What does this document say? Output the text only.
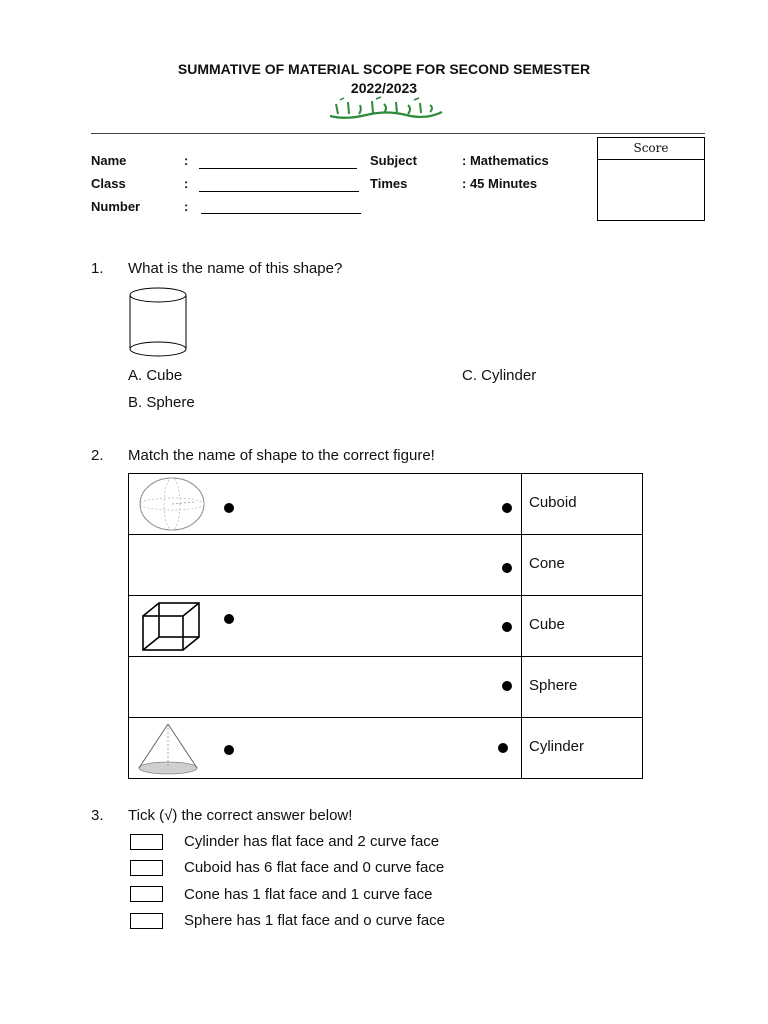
SUMMATIVE OF MATERIAL SCOPE FOR SECOND SEMESTER
2022/2023
Name	:
Class	:
Number	:
Subject	: Mathematics
Times	: 45 Minutes
Score
1. What is the name of this shape?
A. Cube
B. Sphere
C. Cylinder
2. Match the name of shape to the correct figure!

Cuboid

	Cone

Cube

	Sphere

Cylinder
3. Tick (√) the correct answer below!
Cylinder has flat face and 2 curve face
Cuboid has 6 flat face and 0 curve face
Cone has 1 flat face and 1 curve face
Sphere has 1 flat face and o curve face
